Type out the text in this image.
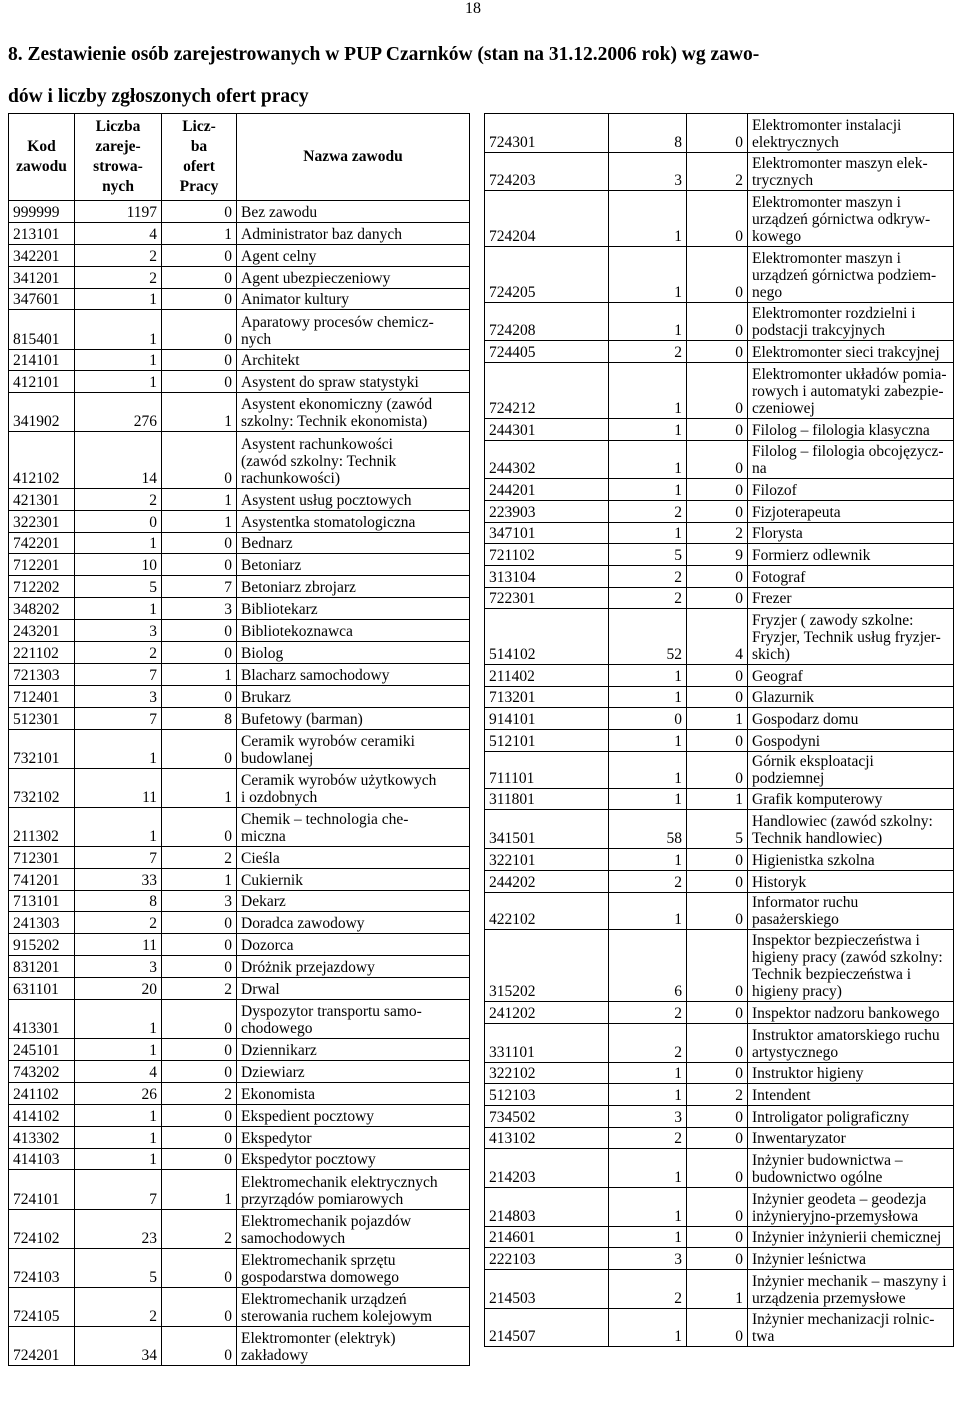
18
8. Zestawienie osób zarejestrowanych w PUP Czarnków (stan na 31.12.2006 rok) wg zawo-
dów i liczby zgłoszonych ofert pracy
Kod
zawodu	Liczba
zareje-
strowa-
nych	Licz-
ba
ofert
Pracy	Nazwa zawodu
999999	1197	0	Bez zawodu
213101	4	1	Administrator baz danych
342201	2	0	Agent celny
341201	2	0	Agent ubezpieczeniowy
347601	1	0	Animator kultury
815401	1	0	Aparatowy procesów chemicz-
nych
214101	1	0	Architekt
412101	1	0	Asystent do spraw statystyki
341902	276	1	Asystent ekonomiczny (zawód
szkolny: Technik ekonomista)
412102	14	0	Asystent rachunkowości
(zawód szkolny: Technik
rachunkowości)
421301	2	1	Asystent usług pocztowych
322301	0	1	Asystentka stomatologiczna
742201	1	0	Bednarz
712201	10	0	Betoniarz
712202	5	7	Betoniarz zbrojarz
348202	1	3	Bibliotekarz
243201	3	0	Bibliotekoznawca
221102	2	0	Biolog
721303	7	1	Blacharz samochodowy
712401	3	0	Brukarz
512301	7	8	Bufetowy (barman)
732101	1	0	Ceramik wyrobów ceramiki
budowlanej
732102	11	1	Ceramik wyrobów użytkowych
i ozdobnych
211302	1	0	Chemik – technologia che-
miczna
712301	7	2	Cieśla
741201	33	1	Cukiernik
713101	8	3	Dekarz
241303	2	0	Doradca zawodowy
915202	11	0	Dozorca
831201	3	0	Dróżnik przejazdowy
631101	20	2	Drwal
413301	1	0	Dyspozytor transportu samo-
chodowego
245101	1	0	Dziennikarz
743202	4	0	Dziewiarz
241102	26	2	Ekonomista
414102	1	0	Ekspedient pocztowy
413302	1	0	Ekspedytor
414103	1	0	Ekspedytor pocztowy
724101	7	1	Elektromechanik elektrycznych
przyrządów pomiarowych
724102	23	2	Elektromechanik pojazdów
samochodowych
724103	5	0	Elektromechanik sprzętu
gospodarstwa domowego
724105	2	0	Elektromechanik urządzeń
sterowania ruchem kolejowym
724201	34	0	Elektromonter (elektryk)
zakładowy
724301	8	0	Elektromonter instalacji
elektrycznych
724203	3	2	Elektromonter maszyn elek-
trycznych
724204	1	0	Elektromonter maszyn i
urządzeń górnictwa odkryw-
kowego
724205	1	0	Elektromonter maszyn i
urządzeń górnictwa podziem-
nego
724208	1	0	Elektromonter rozdzielni i
podstacji trakcyjnych
724405	2	0	Elektromonter sieci trakcyjnej
724212	1	0	Elektromonter układów pomia-
rowych i automatyki zabezpie-
czeniowej
244301	1	0	Filolog – filologia klasyczna
244302	1	0	Filolog – filologia obcojęzycz-
na
244201	1	0	Filozof
223903	2	0	Fizjoterapeuta
347101	1	2	Florysta
721102	5	9	Formierz odlewnik
313104	2	0	Fotograf
722301	2	0	Frezer
514102	52	4	Fryzjer ( zawody szkolne:
Fryzjer, Technik usług fryzjer-
skich)
211402	1	0	Geograf
713201	1	0	Glazurnik
914101	0	1	Gospodarz domu
512101	1	0	Gospodyni
711101	1	0	Górnik eksploatacji podziemnej
311801	1	1	Grafik komputerowy
341501	58	5	Handlowiec (zawód szkolny:
Technik handlowiec)
322101	1	0	Higienistka szkolna
244202	2	0	Historyk
422102	1	0	Informator ruchu pasażerskiego
315202	6	0	Inspektor bezpieczeństwa i
higieny pracy (zawód szkolny:
Technik bezpieczeństwa i
higieny pracy)
241202	2	0	Inspektor nadzoru bankowego
331101	2	0	Instruktor amatorskiego ruchu
artystycznego
322102	1	0	Instruktor higieny
512103	1	2	Intendent
734502	3	0	Introligator poligraficzny
413102	2	0	Inwentaryzator
214203	1	0	Inżynier budownictwa –
budownictwo ogólne
214803	1	0	Inżynier geodeta – geodezja
inżynieryjno-przemysłowa
214601	1	0	Inżynier inżynierii chemicznej
222103	3	0	Inżynier leśnictwa
214503	2	1	Inżynier mechanik – maszyny i
urządzenia przemysłowe
214507	1	0	Inżynier mechanizacji rolnic-
twa
